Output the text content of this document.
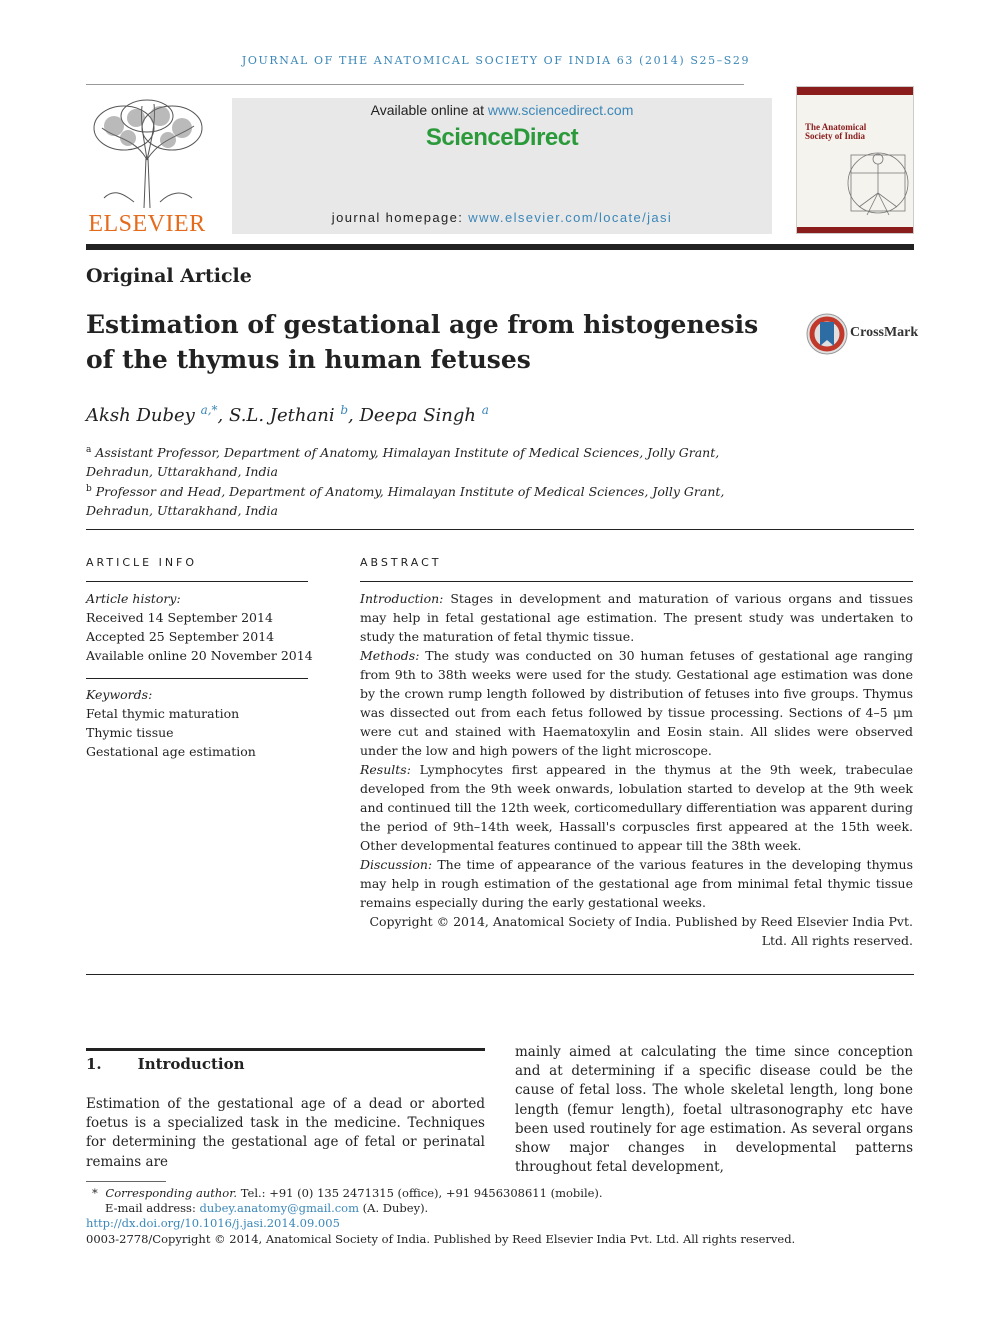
JOURNAL OF THE ANATOMICAL SOCIETY OF INDIA 63 (2014) S25–S29
ELSEVIER
Available online at www.sciencedirect.com
ScienceDirect
journal homepage: www.elsevier.com/locate/jasi
The Anatomical Society of India
Original Article
Estimation of gestational age from histogenesis of the thymus in human fetuses
CrossMark
Aksh Dubey $^{a,*}$, S.L. Jethani $^b$, Deepa Singh $^a$
$^a$ Assistant Professor, Department of Anatomy, Himalayan Institute of Medical Sciences, Jolly Grant, Dehradun, Uttarakhand, India
$^b$ Professor and Head, Department of Anatomy, Himalayan Institute of Medical Sciences, Jolly Grant, Dehradun, Uttarakhand, India
ARTICLE INFO
Article history:
Received 14 September 2014
Accepted 25 September 2014
Available online 20 November 2014
Keywords:
Fetal thymic maturation
Thymic tissue
Gestational age estimation
ABSTRACT

Introduction: Stages in development and maturation of various organs and tissues may help in fetal gestational age estimation. The present study was undertaken to study the maturation of fetal thymic tissue.

Methods: The study was conducted on 30 human fetuses of gestational age ranging from 9th to 38th weeks were used for the study. Gestational age estimation was done by the crown rump length followed by distribution of fetuses into five groups. Thymus was dissected out from each fetus followed by tissue processing. Sections of 4–5 μm were cut and stained with Haematoxylin and Eosin stain. All slides were observed under the low and high powers of the light microscope.

Results: Lymphocytes first appeared in the thymus at the 9th week, trabeculae developed from the 9th week onwards, lobulation started to develop at the 9th week and continued till the 12th week, corticomedullary differentiation was apparent during the period of 9th–14th week, Hassall's corpuscles first appeared at the 15th week. Other developmental features continued to appear till the 38th week.

Discussion: The time of appearance of the various features in the developing thymus may help in rough estimation of the gestational age from minimal fetal thymic tissue remains especially during the early gestational weeks.

Copyright © 2014, Anatomical Society of India. Published by Reed Elsevier India Pvt. Ltd. All rights reserved.

1. Introduction
Estimation of the gestational age of a dead or aborted foetus is a specialized task in the medicine. Techniques for determining the gestational age of fetal or perinatal remains are
mainly aimed at calculating the time since conception and at determining if a specific disease could be the cause of fetal loss. The whole skeletal length, long bone length (femur length), foetal ultrasonography etc have been used routinely for age estimation. As several organs show major changes in developmental patterns throughout fetal development,
* Corresponding author. Tel.: +91 (0) 135 2471315 (office), +91 9456308611 (mobile).
E-mail address: dubey.anatomy@gmail.com (A. Dubey).
http://dx.doi.org/10.1016/j.jasi.2014.09.005
0003-2778/Copyright © 2014, Anatomical Society of India. Published by Reed Elsevier India Pvt. Ltd. All rights reserved.
